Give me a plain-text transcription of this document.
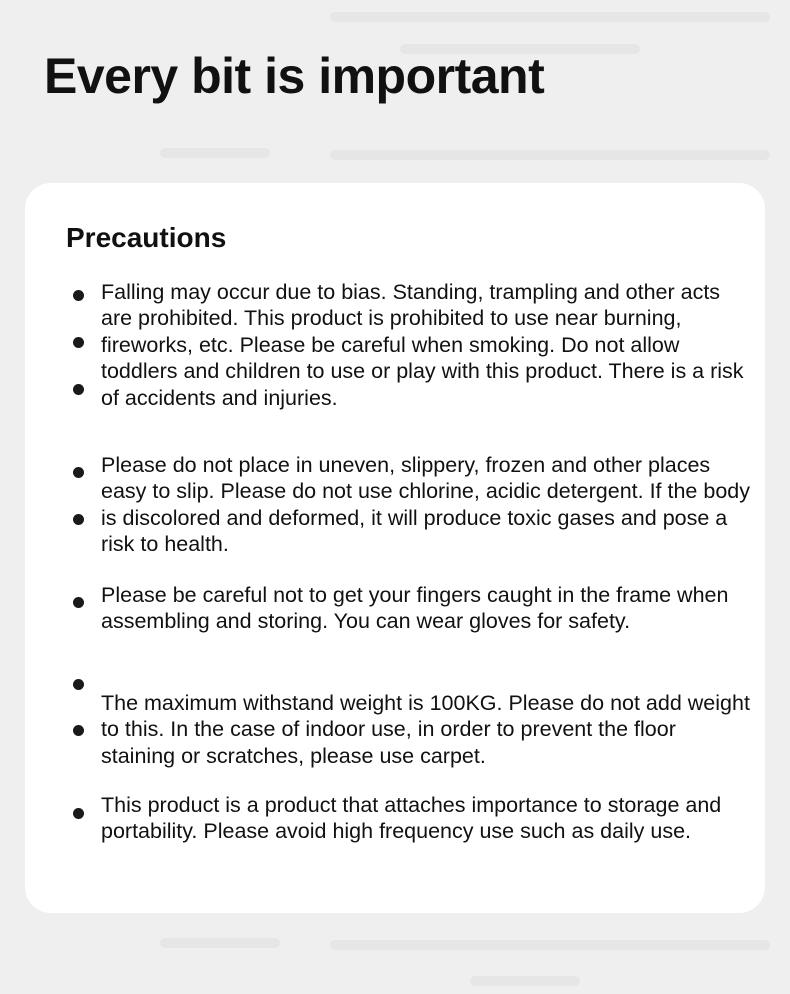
Every bit is important
Precautions

Falling may occur due to bias. Standing, trampling and other acts are prohibited. This product is prohibited to use near burning, fireworks, etc. Please be careful when smoking. Do not allow toddlers and children to use or play with this product. There is a risk of accidents and injuries.

Please do not place in uneven, slippery, frozen and other places easy to slip. Please do not use chlorine, acidic detergent. If the body is discolored and deformed, it will produce toxic gases and pose a risk to health.

Please be careful not to get your fingers caught in the frame when assembling and storing. You can wear gloves for safety.

The maximum withstand weight is 100KG. Please do not add weight to this. In the case of indoor use, in order to prevent the floor staining or scratches, please use carpet.

This product is a product that attaches importance to storage and portability. Please avoid high frequency use such as daily use.
